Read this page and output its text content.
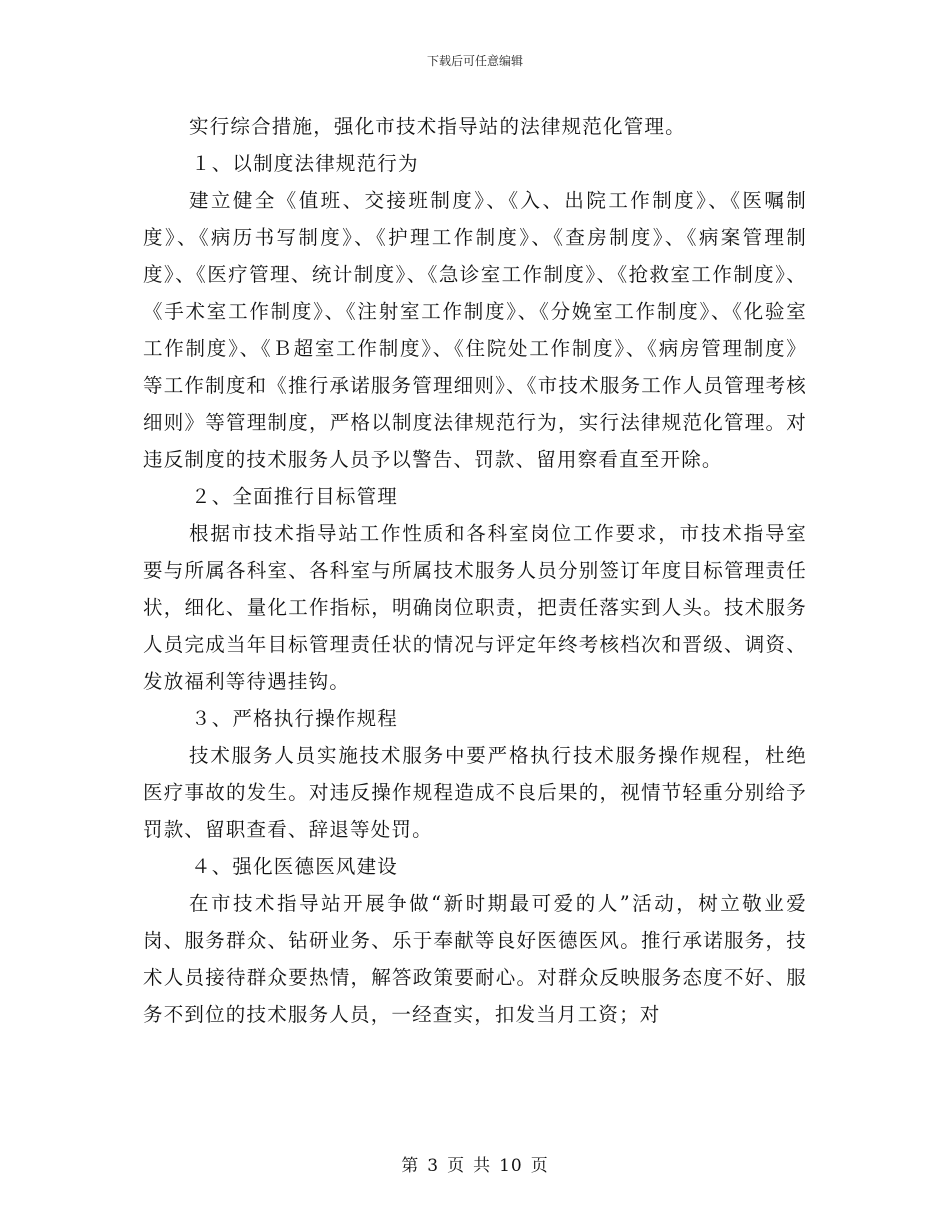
下载后可任意编辑

实行综合措施，强化市技术指导站的法律规范化管理。

１、以制度法律规范行为

建立健全《值班、交接班制度》、《入、出院工作制度》、《医嘱制度》、《病历书写制度》、《护理工作制度》、《查房制度》、《病案管理制度》、《医疗管理、统计制度》、《急诊室工作制度》、《抢救室工作制度》、《手术室工作制度》、《注射室工作制度》、《分娩室工作制度》、《化验室工作制度》、《Ｂ超室工作制度》、《住院处工作制度》、《病房管理制度》等工作制度和《推行承诺服务管理细则》、《市技术服务工作人员管理考核细则》等管理制度，严格以制度法律规范行为，实行法律规范化管理。对违反制度的技术服务人员予以警告、罚款、留用察看直至开除。

２、全面推行目标管理

根据市技术指导站工作性质和各科室岗位工作要求，市技术指导室要与所属各科室、各科室与所属技术服务人员分别签订年度目标管理责任状，细化、量化工作指标，明确岗位职责，把责任落实到人头。技术服务人员完成当年目标管理责任状的情况与评定年终考核档次和晋级、调资、发放福利等待遇挂钩。

３、严格执行操作规程

技术服务人员实施技术服务中要严格执行技术服务操作规程，杜绝医疗事故的发生。对违反操作规程造成不良后果的，视情节轻重分别给予罚款、留职查看、辞退等处罚。

４、强化医德医风建设

在市技术指导站开展争做“新时期最可爱的人”活动，树立敬业爱岗、服务群众、钻研业务、乐于奉献等良好医德医风。推行承诺服务，技术人员接待群众要热情，解答政策要耐心。对群众反映服务态度不好、服务不到位的技术服务人员，一经查实，扣发当月工资；对

第 3 页 共 10 页
